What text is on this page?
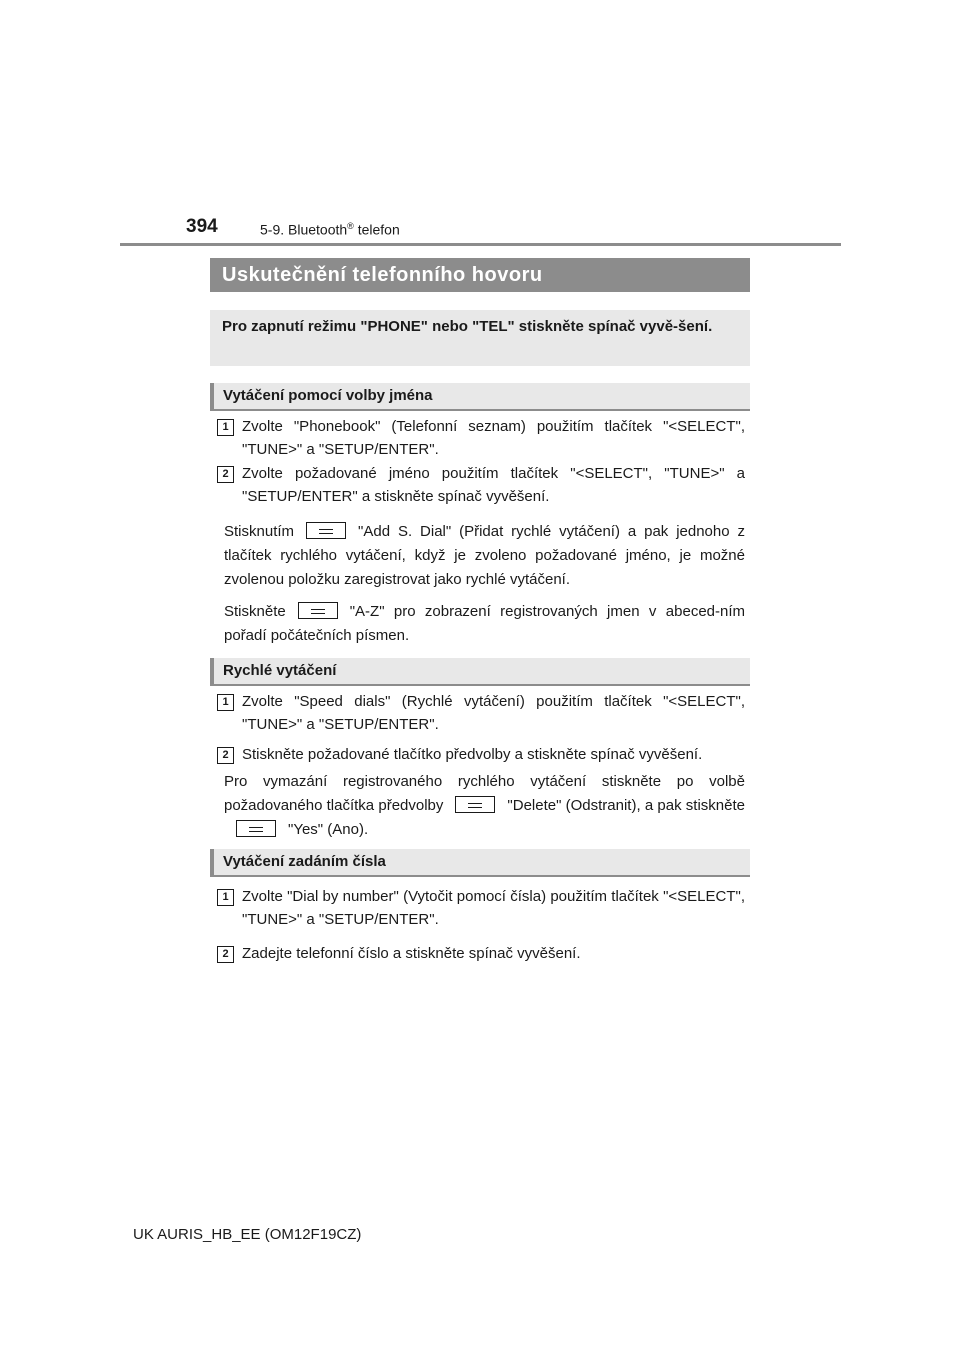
394	5-9. Bluetooth® telefon
Uskutečnění telefonního hovoru
Pro zapnutí režimu "PHONE" nebo "TEL" stiskněte spínač vyvě-šení.
Vytáčení pomocí volby jména
1 Zvolte "Phonebook" (Telefonní seznam) použitím tlačítek "<SELECT", "TUNE>" a "SETUP/ENTER".
2 Zvolte požadované jméno použitím tlačítek "<SELECT", "TUNE>" a "SETUP/ENTER" a stiskněte spínač vyvěšení.
Stisknutím	"Add S. Dial" (Přidat rychlé vytáčení) a pak jednoho z tlačítek rychlého vytáčení, když je zvoleno požadované jméno, je možné zvolenou položku zaregistrovat jako rychlé vytáčení.
Stiskněte	"A-Z" pro zobrazení registrovaných jmen v abeced-ním pořadí počátečních písmen.
Rychlé vytáčení
1 Zvolte "Speed dials" (Rychlé vytáčení) použitím tlačítek "<SELECT", "TUNE>" a "SETUP/ENTER".
2 Stiskněte požadované tlačítko předvolby a stiskněte spínač vyvěšení.
Pro vymazání registrovaného rychlého vytáčení stiskněte po volbě požadovaného tlačítka předvolby	"Delete" (Odstranit), a pak stiskněte"Yes" (Ano).
Vytáčení zadáním čísla
1 Zvolte "Dial by number" (Vytočit pomocí čísla) použitím tlačítek "<SELECT", "TUNE>" a "SETUP/ENTER".
2 Zadejte telefonní číslo a stiskněte spínač vyvěšení.
UK AURIS_HB_EE (OM12F19CZ)
